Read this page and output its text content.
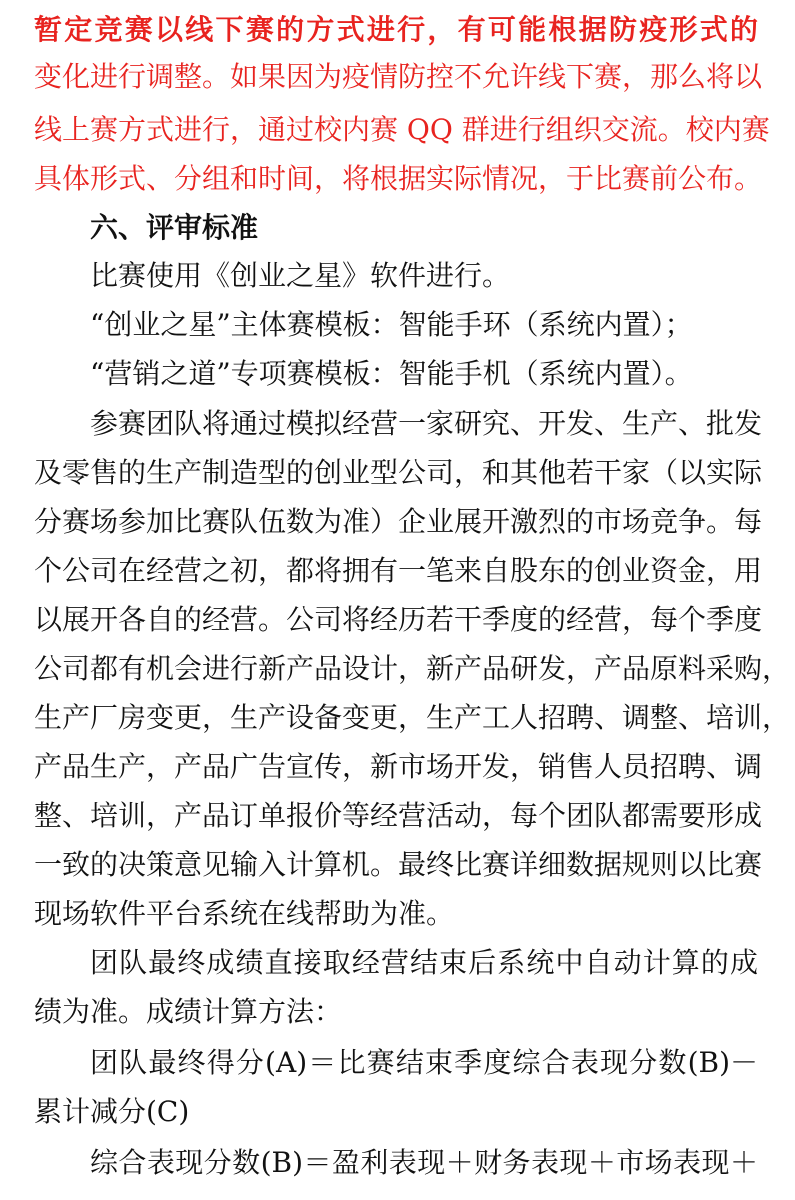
暂定竞赛以线下赛的方式进行，有可能根据防疫形式的
变化进行调整。如果因为疫情防控不允许线下赛，那么将以
线上赛方式进行，通过校内赛 QQ 群进行组织交流。校内赛
具体形式、分组和时间，将根据实际情况，于比赛前公布。
六、评审标准
比赛使用《创业之星》软件进行。
“创业之星”主体赛模板：智能手环（系统内置）；
“营销之道”专项赛模板：智能手机（系统内置）。
参赛团队将通过模拟经营一家研究、开发、生产、批发
及零售的生产制造型的创业型公司，和其他若干家（以实际
分赛场参加比赛队伍数为准）企业展开激烈的市场竞争。每
个公司在经营之初，都将拥有一笔来自股东的创业资金，用
以展开各自的经营。公司将经历若干季度的经营，每个季度
公司都有机会进行新产品设计，新产品研发，产品原料采购，
生产厂房变更，生产设备变更，生产工人招聘、调整、培训，
产品生产，产品广告宣传，新市场开发，销售人员招聘、调
整、培训，产品订单报价等经营活动，每个团队都需要形成
一致的决策意见输入计算机。最终比赛详细数据规则以比赛
现场软件平台系统在线帮助为准。
团队最终成绩直接取经营结束后系统中自动计算的成
绩为准。成绩计算方法：
团队最终得分(A)＝比赛结束季度综合表现分数(B)－
累计减分(C)
综合表现分数(B)＝盈利表现＋财务表现＋市场表现＋
